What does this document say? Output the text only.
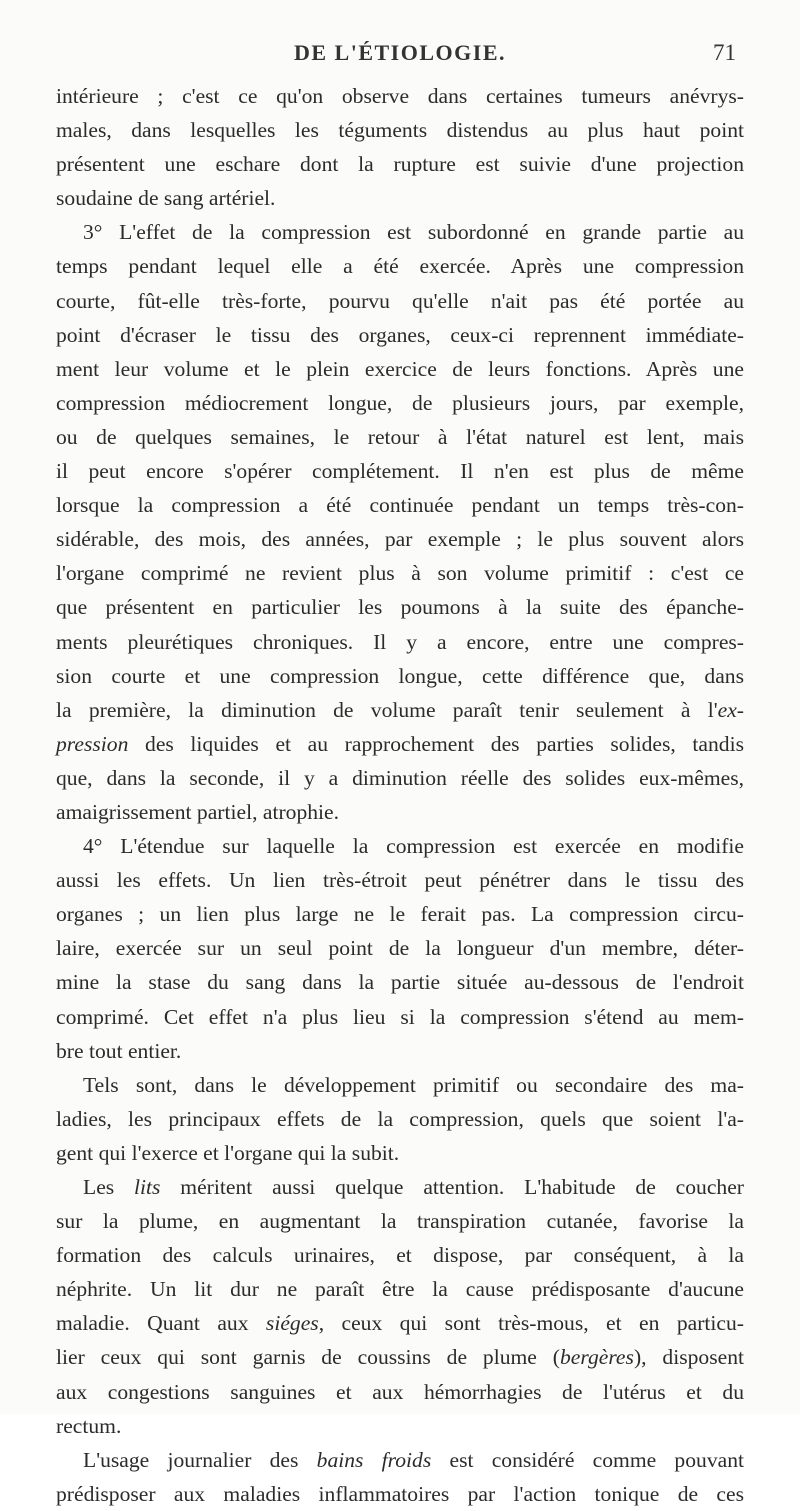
DE L'ÉTIOLOGIE.	71
intérieure ; c'est ce qu'on observe dans certaines tumeurs anévrys-
males, dans lesquelles les téguments distendus au plus haut point
présentent une eschare dont la rupture est suivie d'une projection
soudaine de sang artériel.
3° L'effet de la compression est subordonné en grande partie au
temps pendant lequel elle a été exercée. Après une compression
courte, fût-elle très-forte, pourvu qu'elle n'ait pas été portée au
point d'écraser le tissu des organes, ceux-ci reprennent immédiate-
ment leur volume et le plein exercice de leurs fonctions. Après une
compression médiocrement longue, de plusieurs jours, par exemple,
ou de quelques semaines, le retour à l'état naturel est lent, mais
il peut encore s'opérer complétement. Il n'en est plus de même
lorsque la compression a été continuée pendant un temps très-con-
sidérable, des mois, des années, par exemple ; le plus souvent alors
l'organe comprimé ne revient plus à son volume primitif : c'est ce
que présentent en particulier les poumons à la suite des épanche-
ments pleurétiques chroniques. Il y a encore, entre une compres-
sion courte et une compression longue, cette différence que, dans
la première, la diminution de volume paraît tenir seulement à l'ex-
pression des liquides et au rapprochement des parties solides, tandis
que, dans la seconde, il y a diminution réelle des solides eux-mêmes,
amaigrissement partiel, atrophie.
4° L'étendue sur laquelle la compression est exercée en modifie
aussi les effets. Un lien très-étroit peut pénétrer dans le tissu des
organes ; un lien plus large ne le ferait pas. La compression circu-
laire, exercée sur un seul point de la longueur d'un membre, déter-
mine la stase du sang dans la partie située au-dessous de l'endroit
comprimé. Cet effet n'a plus lieu si la compression s'étend au mem-
bre tout entier.
Tels sont, dans le développement primitif ou secondaire des ma-
ladies, les principaux effets de la compression, quels que soient l'a-
gent qui l'exerce et l'organe qui la subit.
Les lits méritent aussi quelque attention. L'habitude de coucher
sur la plume, en augmentant la transpiration cutanée, favorise la
formation des calculs urinaires, et dispose, par conséquent, à la
néphrite. Un lit dur ne paraît être la cause prédisposante d'aucune
maladie. Quant aux siéges, ceux qui sont très-mous, et en particu-
lier ceux qui sont garnis de coussins de plume (bergères), disposent
aux congestions sanguines et aux hémorrhagies de l'utérus et du
rectum.
L'usage journalier des bains froids est considéré comme pouvant
prédisposer aux maladies inflammatoires par l'action tonique de ces
